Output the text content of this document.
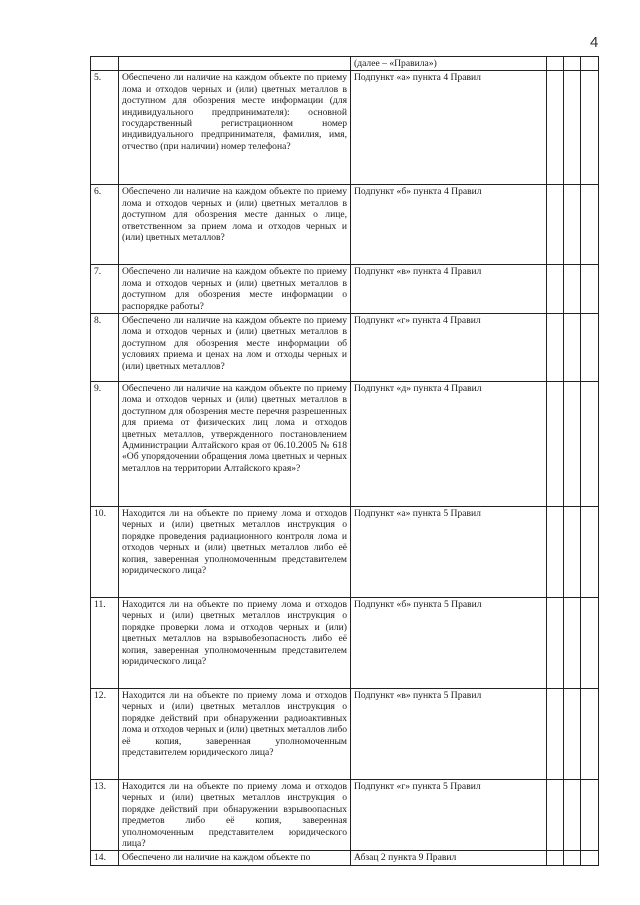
4
		(далее – «Правила»)			
5.	Обеспечено ли наличие на каждом объекте по приему лома и отходов черных и (или) цветных металлов в доступном для обозрения месте информации (для индивидуального предпринимателя): основной государственный регистрационном номер индивидуального предпринимателя, фамилия, имя, отчество (при наличии) номер телефона?	Подпункт «а» пункта 4 Правил			
6.	Обеспечено ли наличие на каждом объекте по приему лома и отходов черных и (или) цветных металлов в доступном для обозрения месте данных о лице, ответственном за прием лома и отходов черных и (или) цветных металлов?	Подпункт «б» пункта 4 Правил			
7.	Обеспечено ли наличие на каждом объекте по приему лома и отходов черных и (или) цветных металлов в доступном для обозрения месте информации о распорядке работы?	Подпункт «в» пункта 4 Правил			
8.	Обеспечено ли наличие на каждом объекте по приему лома и отходов черных и (или) цветных металлов в доступном для обозрения месте информации об условиях приема и ценах на лом и отходы черных и (или) цветных металлов?	Подпункт «г» пункта 4 Правил			
9.	Обеспечено ли наличие на каждом объекте по приему лома и отходов черных и (или) цветных металлов в доступном для обозрения месте перечня разрешенных для приема от физических лиц лома и отходов цветных металлов, утвержденного постановлением Администрации Алтайского края от 06.10.2005 № 618 «Об упорядочении обращения лома цветных и черных металлов на территории Алтайского края»?	Подпункт «д» пункта 4 Правил			
10.	Находится ли на объекте по приему лома и отходов черных и (или) цветных металлов инструкция о порядке проведения радиационного контроля лома и отходов черных и (или) цветных металлов либо её копия, заверенная уполномоченным представителем юридического лица?	Подпункт «а» пункта 5 Правил			
11.	Находится ли на объекте по приему лома и отходов черных и (или) цветных металлов инструкция о порядке проверки лома и отходов черных и (или) цветных металлов на взрывобезопасность либо её копия, заверенная уполномоченным представителем юридического лица?	Подпункт «б» пункта 5 Правил			
12.	Находится ли на объекте по приему лома и отходов черных и (или) цветных металлов инструкция о порядке действий при обнаружении радиоактивных лома и отходов черных и (или) цветных металлов либо её копия, заверенная уполномоченным представителем юридического лица?	Подпункт «в» пункта 5 Правил			
13.	Находится ли на объекте по приему лома и отходов черных и (или) цветных металлов инструкция о порядке действий при обнаружении взрывоопасных предметов либо её копия, заверенная уполномоченным представителем юридического лица?	Подпункт «г» пункта 5 Правил			
14.	Обеспечено ли наличие на каждом объекте по	Абзац 2 пункта 9 Правил			
